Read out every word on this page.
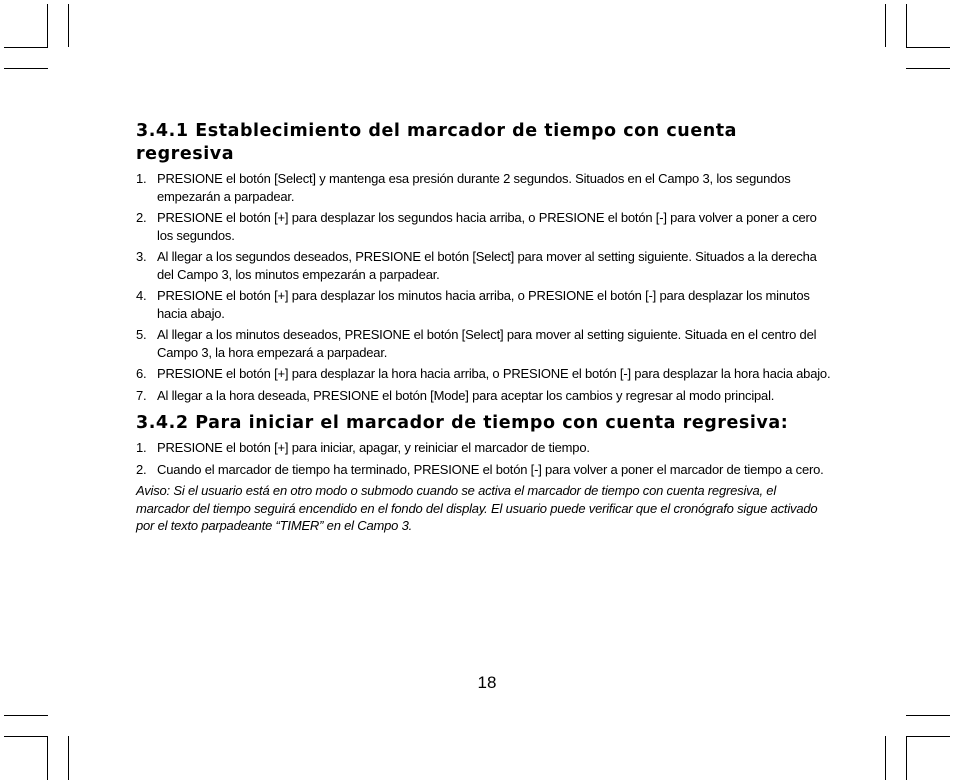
3.4.1 Establecimiento del marcador de tiempo con cuenta regresiva
1. PRESIONE el botón [Select] y mantenga esa presión durante 2 segundos. Situados en el Campo 3, los segundos empezarán a parpadear.
2. PRESIONE el botón [+] para desplazar los segundos hacia arriba, o PRESIONE el botón [-] para volver a poner a cero los segundos.
3. Al llegar a los segundos deseados, PRESIONE el botón [Select] para mover al setting siguiente. Situados a la derecha del Campo 3, los minutos empezarán a parpadear.
4. PRESIONE el botón [+] para desplazar los minutos hacia arriba, o PRESIONE el botón [-] para desplazar los minutos hacia abajo.
5. Al llegar a los minutos deseados, PRESIONE el botón [Select] para mover al setting siguiente. Situada en el centro del Campo 3, la hora empezará a parpadear.
6. PRESIONE el botón [+] para desplazar la hora hacia arriba, o PRESIONE el botón [-] para desplazar la hora hacia abajo.
7. Al llegar a la hora deseada, PRESIONE el botón [Mode] para aceptar los cambios y regresar al modo principal.
3.4.2 Para iniciar el marcador de tiempo con cuenta regresiva:
1. PRESIONE el botón [+] para iniciar, apagar, y reiniciar el marcador de tiempo.
2. Cuando el marcador de tiempo ha terminado, PRESIONE el botón [-] para volver a poner el marcador de tiempo a cero.

Aviso: Si el usuario está en otro modo o submodo cuando se activa el marcador de tiempo con cuenta regresiva, el marcador del tiempo seguirá encendido en el fondo del display. El usuario puede verificar que el cronógrafo sigue activado por el texto parpadeante “TIMER” en el Campo 3.

18
